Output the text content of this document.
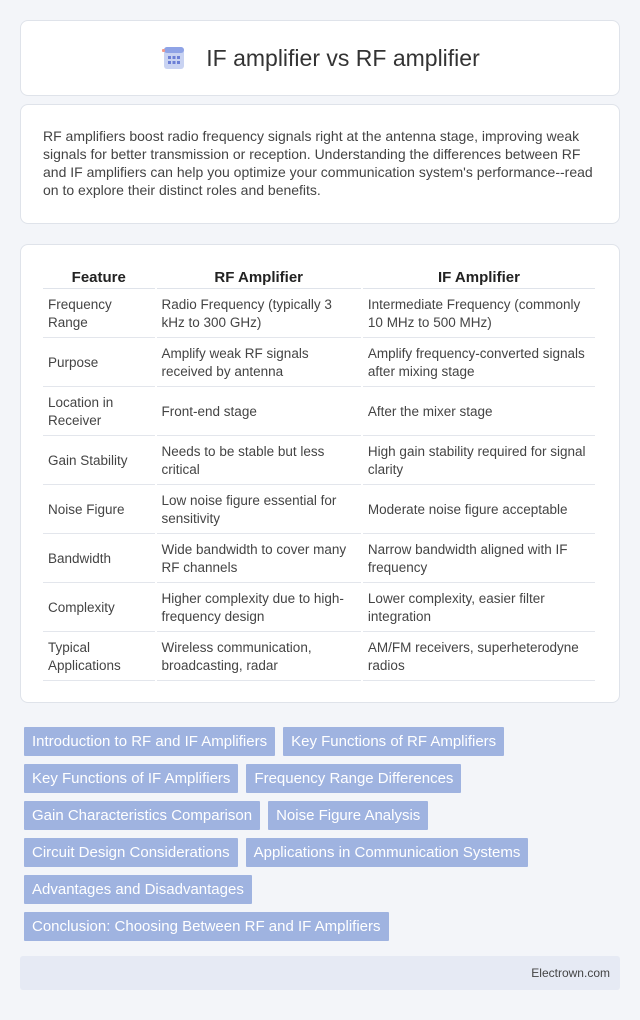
IF amplifier vs RF amplifier

RF amplifiers boost radio frequency signals right at the antenna stage, improving weak signals for better transmission or reception. Understanding the differences between RF and IF amplifiers can help you optimize your communication system's performance--read on to explore their distinct roles and benefits.

Feature	RF Amplifier	IF Amplifier
Frequency Range	Radio Frequency (typically 3 kHz to 300 GHz)	Intermediate Frequency (commonly 10 MHz to 500 MHz)
Purpose	Amplify weak RF signals received by antenna	Amplify frequency-converted signals after mixing stage
Location in Receiver	Front-end stage	After the mixer stage
Gain Stability	Needs to be stable but less critical	High gain stability required for signal clarity
Noise Figure	Low noise figure essential for sensitivity	Moderate noise figure acceptable
Bandwidth	Wide bandwidth to cover many RF channels	Narrow bandwidth aligned with IF frequency
Complexity	Higher complexity due to high-frequency design	Lower complexity, easier filter integration
Typical Applications	Wireless communication, broadcasting, radar	AM/FM receivers, superheterodyne radios
Introduction to RF and IF Amplifiers	Key Functions of RF Amplifiers
Key Functions of IF Amplifiers	Frequency Range Differences
Gain Characteristics Comparison	Noise Figure Analysis
Circuit Design Considerations	Applications in Communication Systems
Advantages and Disadvantages
Conclusion: Choosing Between RF and IF Amplifiers
Electrown.com
